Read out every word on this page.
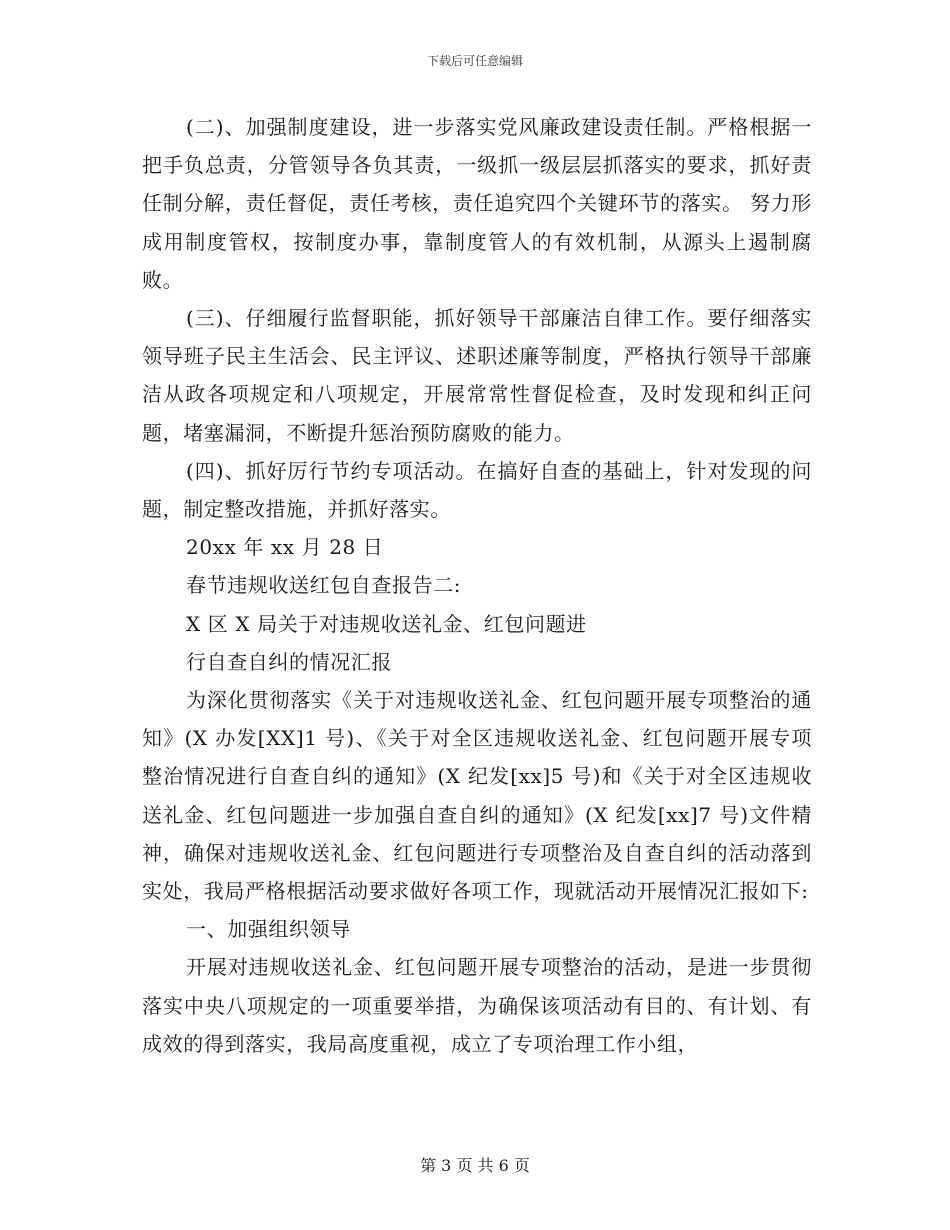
下载后可任意编辑

(二)、加强制度建设，进一步落实党风廉政建设责任制。严格根据一把手负总责，分管领导各负其责，一级抓一级层层抓落实的要求，抓好责任制分解，责任督促，责任考核，责任追究四个关键环节的落实。 努力形成用制度管权，按制度办事，靠制度管人的有效机制，从源头上遏制腐败。

(三)、仔细履行监督职能，抓好领导干部廉洁自律工作。要仔细落实领导班子民主生活会、民主评议、述职述廉等制度，严格执行领导干部廉洁从政各项规定和八项规定，开展常常性督促检查，及时发现和纠正问题，堵塞漏洞，不断提升惩治预防腐败的能力。

(四)、抓好厉行节约专项活动。在搞好自查的基础上，针对发现的问题，制定整改措施，并抓好落实。

20xx 年 xx 月 28 日

春节违规收送红包自查报告二:

X 区 X 局关于对违规收送礼金、红包问题进

行自查自纠的情况汇报

为深化贯彻落实《关于对违规收送礼金、红包问题开展专项整治的通知》(X 办发[XX]1 号)、《关于对全区违规收送礼金、红包问题开展专项整治情况进行自查自纠的通知》(X 纪发[xx]5 号)和《关于对全区违规收送礼金、红包问题进一步加强自查自纠的通知》(X 纪发[xx]7 号)文件精神，确保对违规收送礼金、红包问题进行专项整治及自查自纠的活动落到实处，我局严格根据活动要求做好各项工作，现就活动开展情况汇报如下:

一、加强组织领导

开展对违规收送礼金、红包问题开展专项整治的活动，是进一步贯彻落实中央八项规定的一项重要举措，为确保该项活动有目的、有计划、有成效的得到落实，我局高度重视，成立了专项治理工作小组，

第 3 页 共 6 页
